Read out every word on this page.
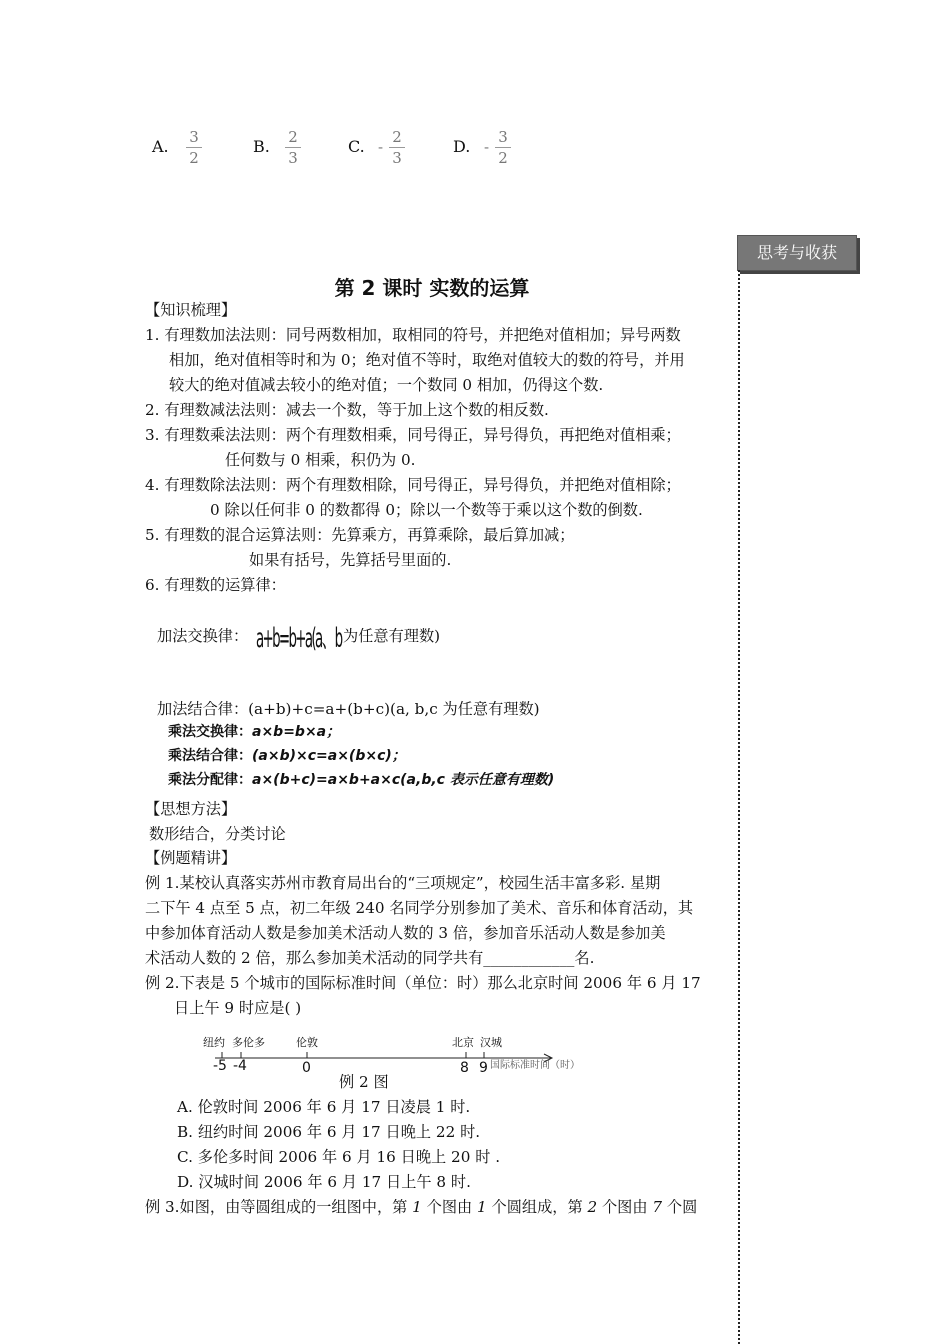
A. $\frac{3}{2}$	B. $\frac{2}{3}$	C. - $\frac{2}{3}$	D. - $\frac{3}{2}$
思考与收获
第 2 课时 实数的运算
【知识梳理】
1. 有理数加法法则：同号两数相加，取相同的符号，并把绝对值相加；异号两数
相加，绝对值相等时和为 0；绝对值不等时，取绝对值较大的数的符号，并用
较大的绝对值减去较小的绝对值；一个数同 0 相加，仍得这个数.
2. 有理数减法法则：减去一个数，等于加上这个数的相反数.
3. 有理数乘法法则：两个有理数相乘，同号得正，异号得负，再把绝对值相乘；
任何数与 0 相乘，积仍为 0.
4. 有理数除法法则：两个有理数相除，同号得正，异号得负，并把绝对值相除；
0 除以任何非 0 的数都得 0；除以一个数等于乘以这个数的倒数.
5. 有理数的混合运算法则：先算乘方，再算乘除，最后算加减；
如果有括号，先算括号里面的.
6. 有理数的运算律：
加法交换律： a+b=b+a(a、b 为任意有理数)
加法结合律：(a+b)+c=a+(b+c)(a, b,c 为任意有理数)
乘法交换律：a×b=b×a；
乘法结合律：(a×b)×c=a×(b×c)；
乘法分配律：a×(b+c)=a×b+a×c(a,b,c 表示任意有理数)
【思想方法】
数形结合，分类讨论
【例题精讲】
例 1.某校认真落实苏州市教育局出台的“三项规定”，校园生活丰富多彩. 星期
二下午 4 点至 5 点，初二年级 240 名同学分别参加了美术、音乐和体育活动，其
中参加体育活动人数是参加美术活动人数的 3 倍，参加音乐活动人数是参加美
术活动人数的 2 倍，那么参加美术活动的同学共有____________名.
例 2.下表是 5 个城市的国际标准时间（单位：时）那么北京时间 2006 年 6 月 17
日上午 9 时应是( )
纽约 多伦多	伦敦	北京 汉城
-5 -4	0	8 9 国际标准时间（时）
例 2 图
A. 伦敦时间 2006 年 6 月 17 日凌晨 1 时.
B. 纽约时间 2006 年 6 月 17 日晚上 22 时.
C. 多伦多时间 2006 年 6 月 16 日晚上 20 时 .
D. 汉城时间 2006 年 6 月 17 日上午 8 时.
例 3.如图，由等圆组成的一组图中，第 1 个图由 1 个圆组成，第 2 个图由 7 个圆
